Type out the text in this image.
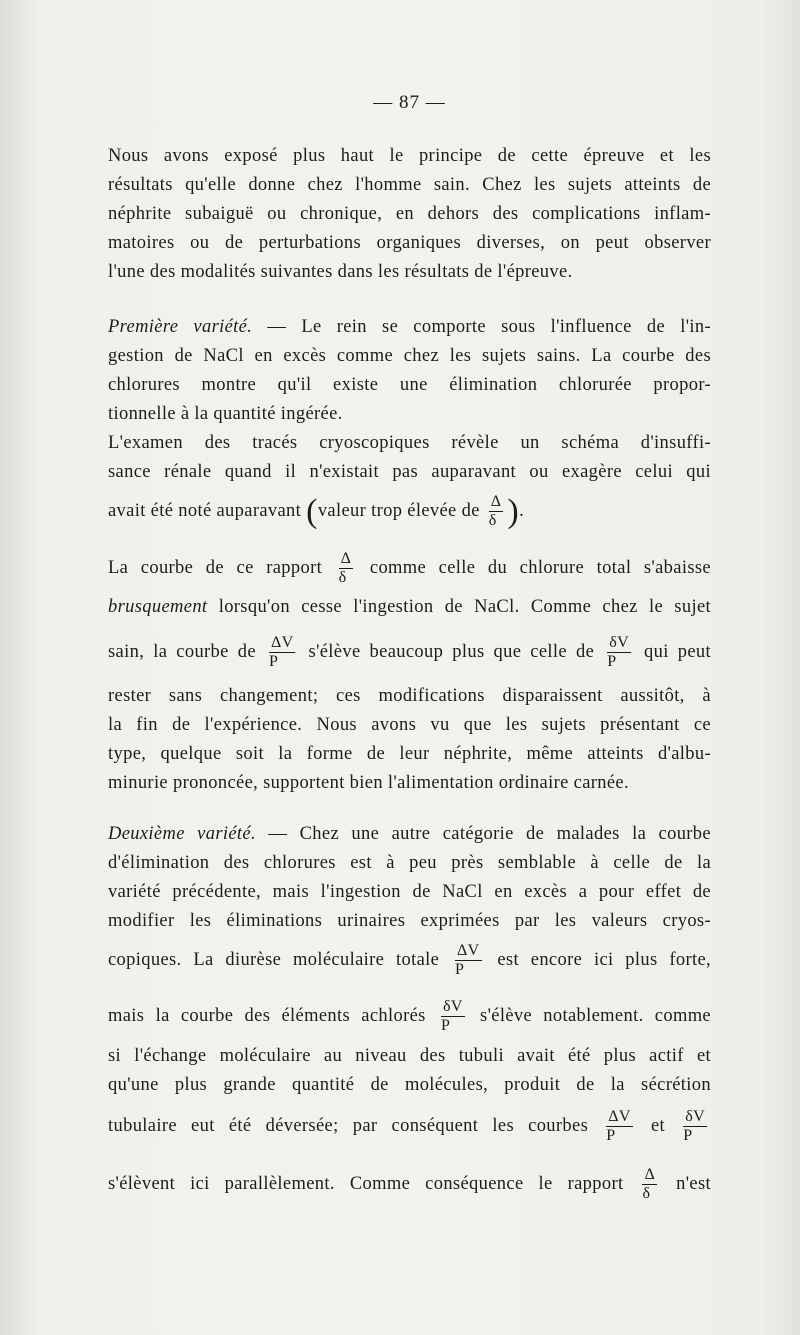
— 87 —
Nous avons exposé plus haut le principe de cette épreuve et les
résultats qu'elle donne chez l'homme sain. Chez les sujets atteints de
néphrite subaiguë ou chronique, en dehors des complications inflam-
matoires ou de perturbations organiques diverses, on peut observer
l'une des modalités suivantes dans les résultats de l'épreuve.
Première variété. — Le rein se comporte sous l'influence de l'in-
gestion de NaCl en excès comme chez les sujets sains. La courbe des
chlorures montre qu'il existe une élimination chlorurée propor-
tionnelle à la quantité ingérée.
L'examen des tracés cryoscopiques révèle un schéma d'insuffi-
sance rénale quand il n'existait pas auparavant ou exagère celui qui
avait été noté auparavant (valeur trop élevée de $\frac{\Delta}{\delta}$ ).
La courbe de ce rapport $\frac{\Delta}{\delta}$ comme celle du chlorure total s'abaisse
brusquement lorsqu'on cesse l'ingestion de NaCl. Comme chez le sujet
sain, la courbe de $\frac{\Delta V}{P}$ s'élève beaucoup plus que celle de $\frac{\delta V}{P}$ qui peut
rester sans changement; ces modifications disparaissent aussitôt, à
la fin de l'expérience. Nous avons vu que les sujets présentant ce
type, quelque soit la forme de leur néphrite, même atteints d'albu-
minurie prononcée, supportent bien l'alimentation ordinaire carnée.
Deuxième variété. — Chez une autre catégorie de malades la courbe
d'élimination des chlorures est à peu près semblable à celle de la
variété précédente, mais l'ingestion de NaCl en excès a pour effet de
modifier les éliminations urinaires exprimées par les valeurs cryos-
copiques. La diurèse moléculaire totale $\frac{\Delta V}{P}$ est encore ici plus forte,
mais la courbe des éléments achlorés $\frac{\delta V}{P}$ s'élève notablement. comme
si l'échange moléculaire au niveau des tubuli avait été plus actif et
qu'une plus grande quantité de molécules, produit de la sécrétion
tubulaire eut été déversée; par conséquent les courbes $\frac{\Delta V}{P}$ et $\frac{\delta V}{P}$
s'élèvent ici parallèlement. Comme conséquence le rapport $\frac{\Delta}{\delta} n'est$
